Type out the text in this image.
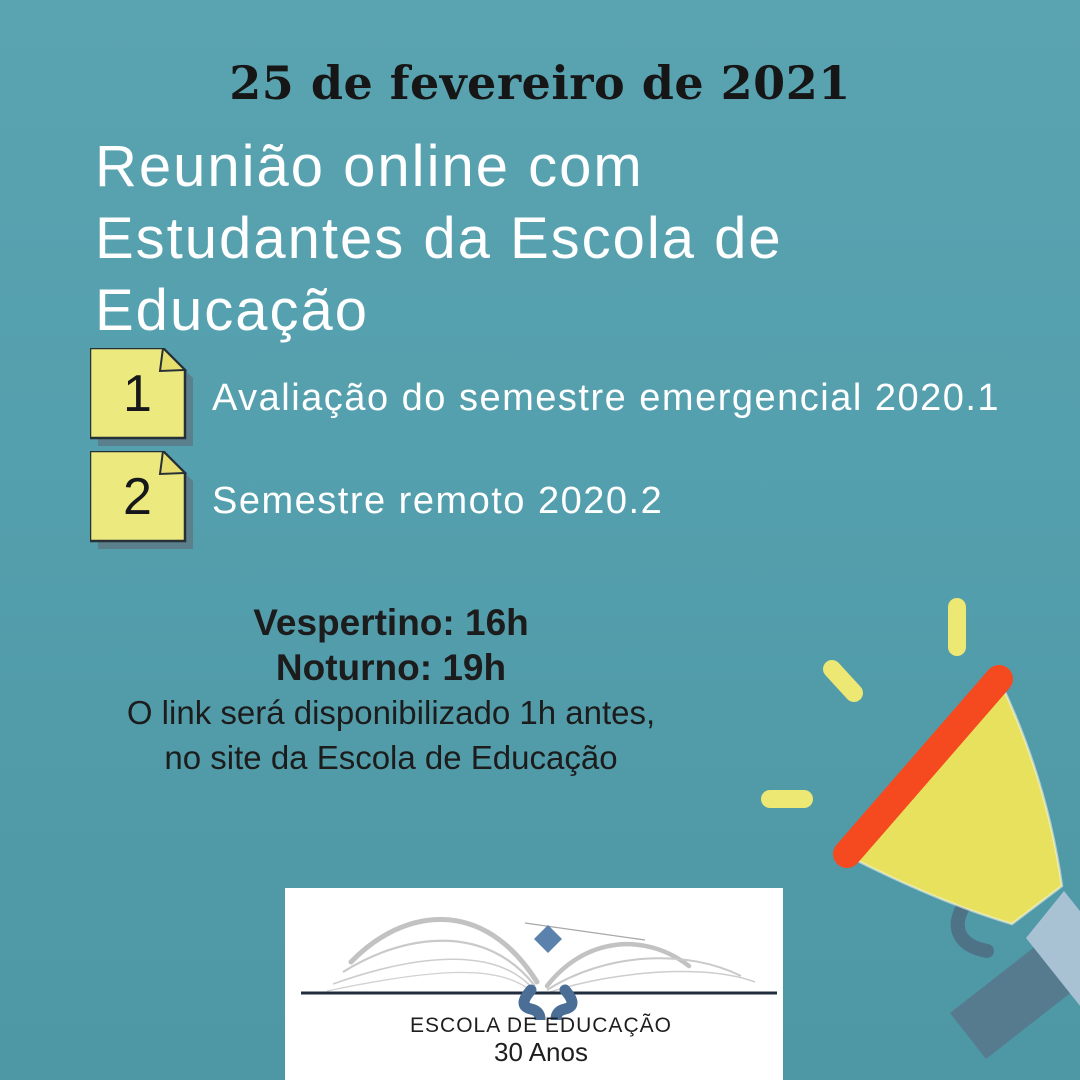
25 de fevereiro de 2021
Reunião online com
Estudantes da Escola de
Educação
1	Avaliação do semestre emergencial 2020.1
2	Semestre remoto 2020.2
Vespertino: 16h
Noturno: 19h
O link será disponibilizado 1h antes,
no site da Escola de Educação
ESCOLA DE EDUCAÇÃO
30 Anos
